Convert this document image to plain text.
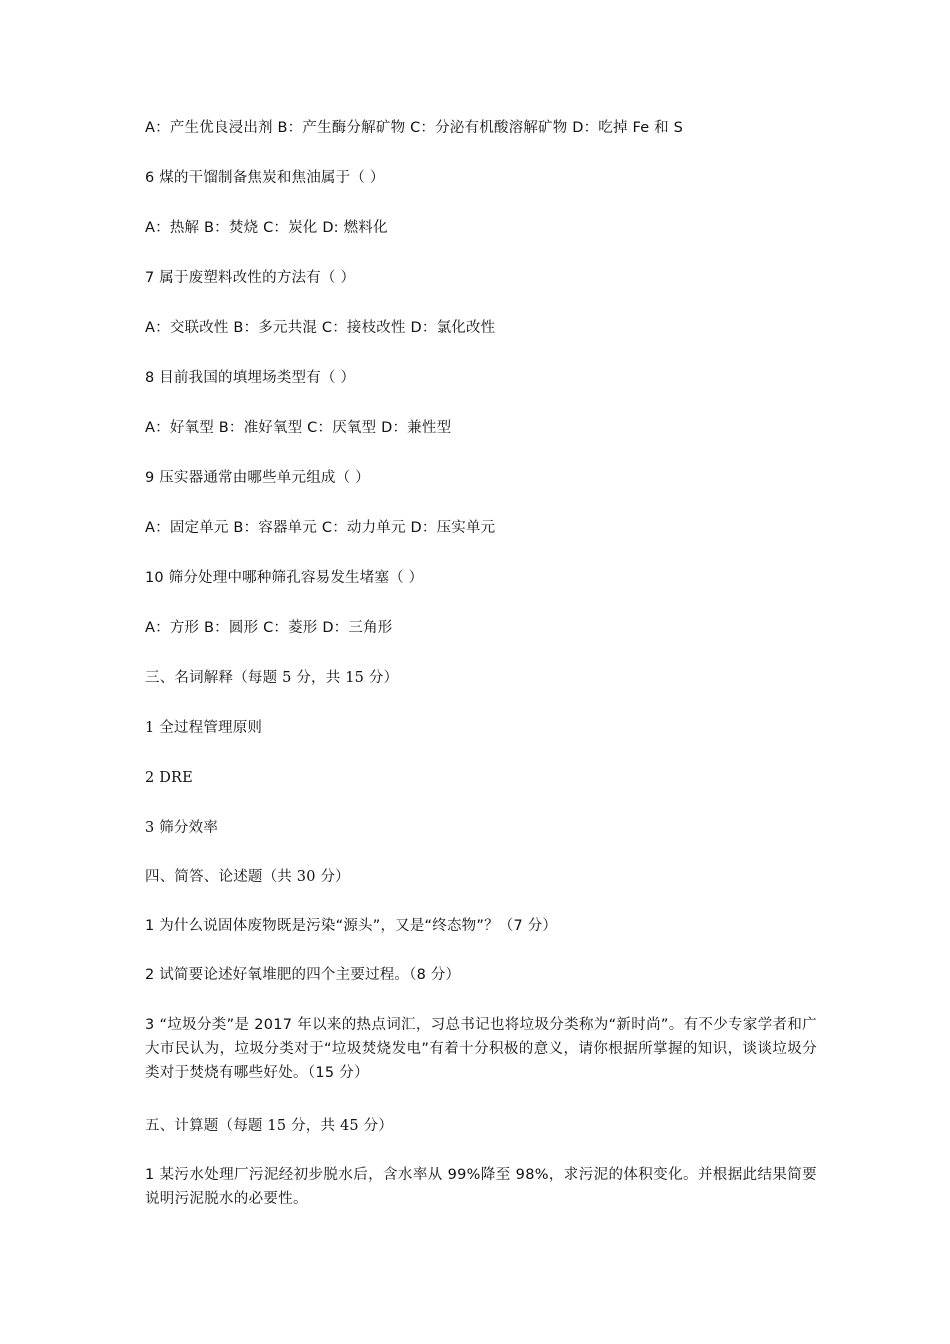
A：产生优良浸出剂 B：产生酶分解矿物 C：分泌有机酸溶解矿物 D：吃掉 Fe 和 S
6 煤的干馏制备焦炭和焦油属于（ ）
A：热解 B：焚烧 C：炭化 D: 燃料化
7 属于废塑料改性的方法有（ ）
A：交联改性 B：多元共混 C：接枝改性 D：氯化改性
8 目前我国的填埋场类型有（ ）
A：好氧型 B：准好氧型 C：厌氧型 D：兼性型
9 压实器通常由哪些单元组成（ ）
A：固定单元 B：容器单元 C：动力单元 D：压实单元
10 筛分处理中哪种筛孔容易发生堵塞（ ）
A：方形 B：圆形 C：菱形 D：三角形
三、名词解释（每题 5 分，共 15 分）
1 全过程管理原则
2 DRE
3 筛分效率
四、简答、论述题（共 30 分）
1 为什么说固体废物既是污染“源头”，又是“终态物”？（7 分）
2 试简要论述好氧堆肥的四个主要过程。（8 分）
3 “垃圾分类”是 2017 年以来的热点词汇，习总书记也将垃圾分类称为“新时尚”。有不少专家学者和广大市民认为，垃圾分类对于“垃圾焚烧发电”有着十分积极的意义，请你根据所掌握的知识，谈谈垃圾分类对于焚烧有哪些好处。（15 分）
五、计算题（每题 15 分，共 45 分）
1 某污水处理厂污泥经初步脱水后，含水率从 99%降至 98%，求污泥的体积变化。并根据此结果简要说明污泥脱水的必要性。
